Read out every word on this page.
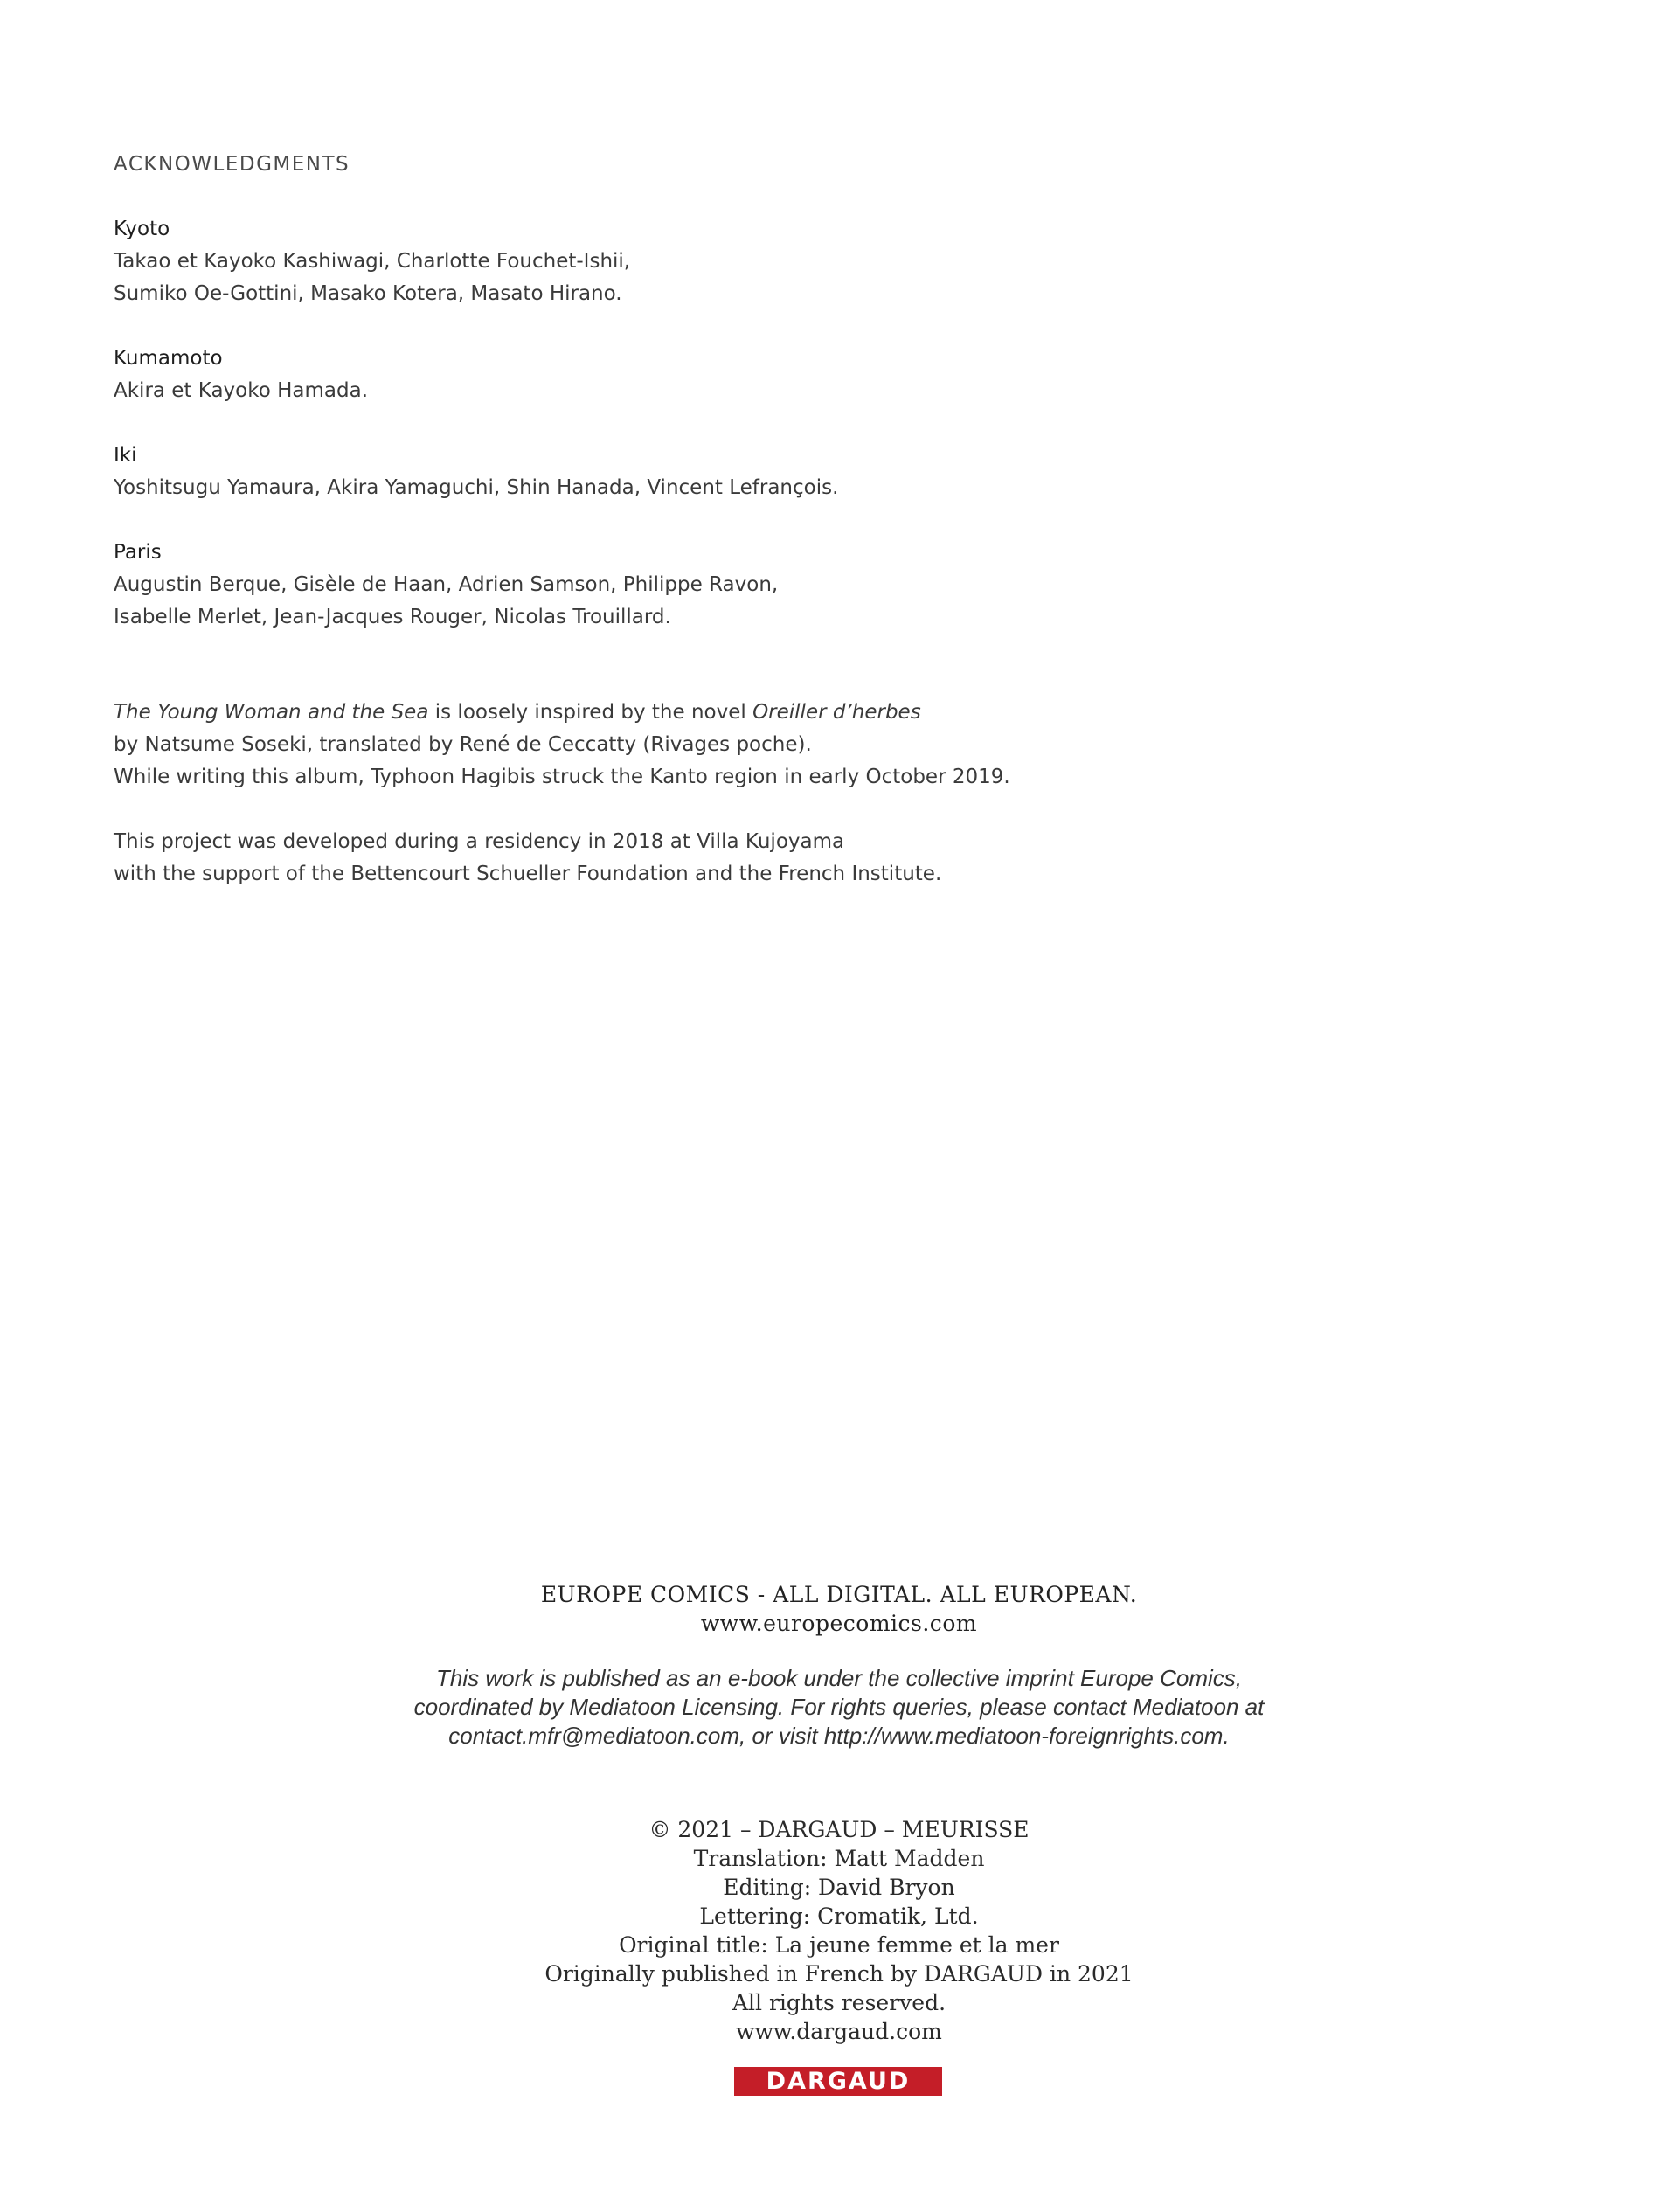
ACKNOWLEDGMENTS
Kyoto
Takao et Kayoko Kashiwagi, Charlotte Fouchet-Ishii,
Sumiko Oe-Gottini, Masako Kotera, Masato Hirano.
Kumamoto
Akira et Kayoko Hamada.
Iki
Yoshitsugu Yamaura, Akira Yamaguchi, Shin Hanada, Vincent Lefrançois.
Paris
Augustin Berque, Gisèle de Haan, Adrien Samson, Philippe Ravon,
Isabelle Merlet, Jean-Jacques Rouger, Nicolas Trouillard.

The Young Woman and the Sea is loosely inspired by the novel Oreiller d’herbes
by Natsume Soseki, translated by René de Ceccatty (Rivages poche).
While writing this album, Typhoon Hagibis struck the Kanto region in early October 2019.

This project was developed during a residency in 2018 at Villa Kujoyama
with the support of the Bettencourt Schueller Foundation and the French Institute.

EUROPE COMICS - ALL DIGITAL. ALL EUROPEAN.
www.europecomics.com
This work is published as an e-book under the collective imprint Europe Comics,
coordinated by Mediatoon Licensing. For rights queries, please contact Mediatoon at
contact.mfr@mediatoon.com, or visit http://www.mediatoon-foreignrights.com.
© 2021 – DARGAUD – MEURISSE
Translation: Matt Madden
Editing: David Bryon
Lettering: Cromatik, Ltd.
Original title: La jeune femme et la mer
Originally published in French by DARGAUD in 2021
All rights reserved.
www.dargaud.com
DARGAUD
